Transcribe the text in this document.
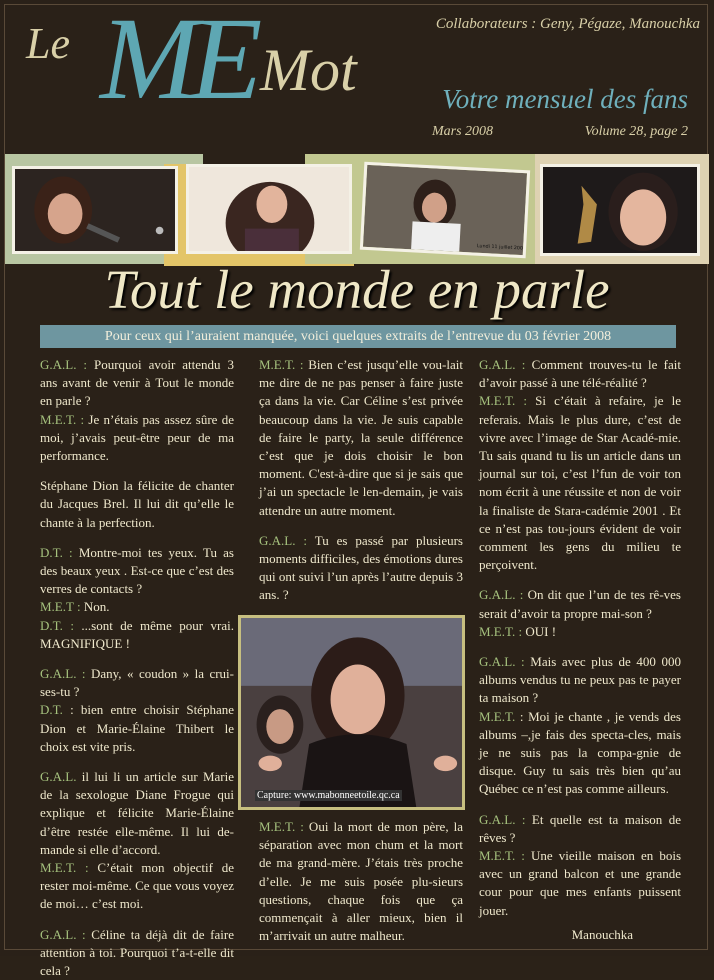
Le ME Mot
Collaborateurs : Geny, Pégaze, Manouchka
Votre mensuel des fans
Mars 2008	Volume 28, page 2
Lundi 11 juillet 2005
Tout le monde en parle
Pour ceux qui l’auraient manquée, voici quelques extraits de l’entrevue du 03 février 2008

G.A.L. : Pourquoi avoir attendu 3 ans avant de venir à Tout le monde en parle ?

M.E.T. : Je n’étais pas assez sûre de moi, j’avais peut-être peur de ma performance.

Stéphane Dion la félicite de chanter du Jacques Brel. Il lui dit qu’elle le chante à la perfection.

D.T. : Montre-moi tes yeux. Tu as des beaux yeux . Est-ce que c’est des verres de contacts ?

M.E.T : Non.

D.T. : ...sont de même pour vrai. MAGNIFIQUE !

G.A.L. : Dany, « coudon » la crui-ses-tu ?

D.T. : bien entre choisir Stéphane Dion et Marie-Élaine Thibert le choix est vite pris.

G.A.L. il lui li un article sur Marie de la sexologue Diane Frogue qui explique et félicite Marie-Élaine d’être restée elle-même. Il lui de-mande si elle d’accord.

M.E.T. : C’était mon objectif de rester moi-même. Ce que vous voyez de moi… c’est moi.

G.A.L. : Céline ta déjà dit de faire attention à toi. Pourquoi t’a-t-elle dit cela ?

M.E.T. : Bien c’est jusqu’elle vou-lait me dire de ne pas penser à faire juste ça dans la vie. Car Céline s’est privée beaucoup dans la vie. Je suis capable de faire le party, la seule différence c’est que je dois choisir le bon moment. C'est-à-dire que si je sais que j’ai un spectacle le len-demain, je vais attendre un autre moment.

G.A.L. : Tu es passé par plusieurs moments difficiles, des émotions dures qui ont suivi l’un après l’autre depuis 3 ans. ?

Capture: www.mabonneetoile.qc.ca

M.E.T. : Oui la mort de mon père, la séparation avec mon chum et la mort de ma grand-mère. J’étais très proche d’elle. Je me suis posée plu-sieurs questions, chaque fois que ça commençait à aller mieux, bien il m’arrivait un autre malheur.

G.A.L. : Comment trouves-tu le fait d’avoir passé à une télé-réalité ?

M.E.T. : Si c’était à refaire, je le referais. Mais le plus dure, c’est de vivre avec l’image de Star Acadé-mie. Tu sais quand tu lis un article dans un journal sur toi, c’est l’fun de voir ton nom écrit à une réussite et non de voir la finaliste de Stara-cadémie 2001 . Et ce n’est pas tou-jours évident de voir comment les gens du milieu te perçoivent.

G.A.L. : On dit que l’un de tes rê-ves serait d’avoir ta propre mai-son ?

M.E.T. : OUI !

G.A.L. : Mais avec plus de 400 000 albums vendus tu ne peux pas te payer ta maison ?

M.E.T. : Moi je chante , je vends des albums –,je fais des specta-cles, mais je ne suis pas la compa-gnie de disque. Guy tu sais très bien qu’au Québec ce n’est pas comme ailleurs.

G.A.L. : Et quelle est ta maison de rêves ?

M.E.T. : Une vieille maison en bois avec un grand balcon et une grande cour pour que mes enfants puissent jouer.

Manouchka
